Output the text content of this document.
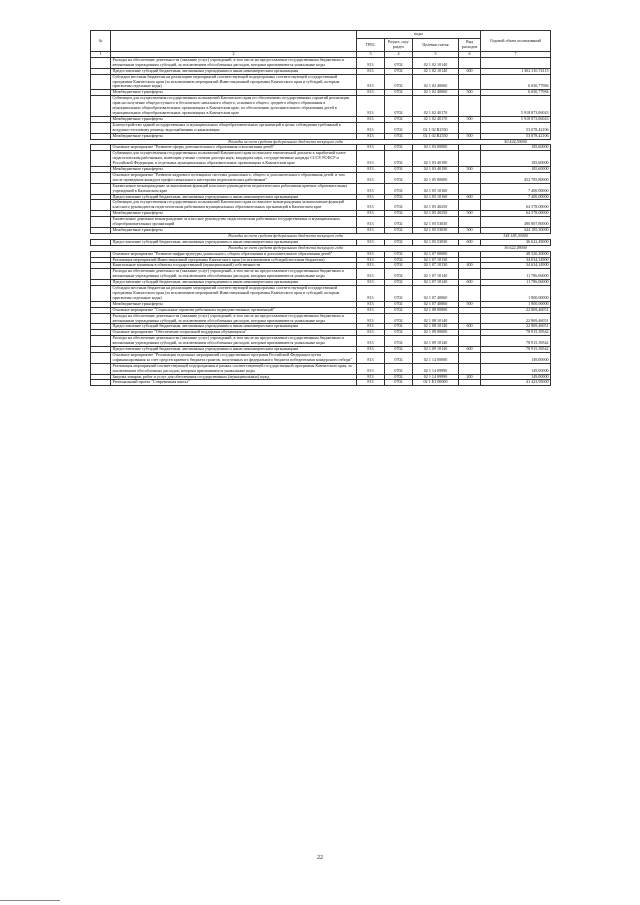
№		коды				Годовой объем ассигнований
		ГРБС	Раздел, под-раздел	Целевая статья	Вид расходов	
1	2	3	4	5	6	7
	Расходы на обеспечение деятельности (оказание услуг) учреждений, в том числе на предоставление государственным бюджетным и автономным учреждениям субсидий, за исключением обособленных расходов, которым присваиваются уникальные коды	813	0702	02 1 02 10140		
	Предоставление субсидий бюджетным, автономным учреждениям и иным некоммерческим организациям	813	0702	02 1 02 10140	600	1 302 310,74115
	Субсидии местным бюджетам на реализацию мероприятий соответствующей подпрограммы соответствующей государственной программы Камчатского края (за исключением мероприятий Инвестиционной программы Камчатского края и субсидий, которым присвоены отдельные коды)	813	0702	02 1 02 40060		6 650,77984
	Межбюджетные трансферты	813	0702	02 1 02 40060	500	6 650,77984
	Субвенции для осуществления государственных полномочий Камчатского края по обеспечению государственных гарантий реализации прав на получение общедоступного и бесплатного начального общего, основного общего, среднего общего образования в муниципальных общеобразовательных организациях в Камчатском крае, по обеспечению дополнительного образования детей в муниципальных общеобразовательных организациях в Камчатском крае	813	0702	02 1 02 40170		5 918 873,06043
	Межбюджетные трансферты	813	0702	02 1 02 40170	500	5 918 873,06043
	Благоустройство зданий государственных и муниципальных общеобразовательных организаций в целях соблюдения требований к воздушно-тепловому режиму, водоснабжению и канализации	813	0702	02 1 02 R2550		53 078,42106
	Межбюджетные трансферты	813	0702	02 1 02 R2550	500	53 078,42106
Расходы за счет средств федерального бюджета текущего года						50 424,50000
	Основное мероприятие "Развитие сферы дополнительного образования и воспитания детей"	813	0702	02 1 03 00000		185,60000
	Субвенции для осуществления государственных полномочий Камчатского края по выплате ежемесячной доплаты к заработной плате педагогическим работникам, имеющим ученые степени доктора наук, кандидата наук, государственные награды СССР, РСФСР и Российской Федерации, в отдельных муниципальных образовательных организациях в Камчатском крае	813	0702	02 1 03 40190		185,60000
	Межбюджетные трансферты	813	0702	02 1 03 40190	500	185,60000
	Основное мероприятие "Развитие кадрового потенциала системы дошкольного, общего и дополнительного образования детей, в том числе проведение конкурса профессионального мастерства педагогических работников"	813	0702	02 1 05 00000		452 785,80000
	Ежемесячное вознаграждение за выполнение функций классного руководителя педагогическим работникам краевых образовательных учреждений в Камчатском крае	813	0702	02 1 05 10160		7 400,00000
	Предоставление субсидий бюджетным, автономным учреждениям и иным некоммерческим организациям	813	0702	02 1 05 10160	600	7 400,00000
	Субвенции для осуществления государственных полномочий Камчатского края по выплате вознаграждения за выполнение функций классного руководителя педагогическим работникам муниципальных образовательных организаций в Камчатском крае	813	0702	02 1 05 40250		64 578,00000
	Межбюджетные трансферты	813	0702	02 1 05 40250	500	64 578,00000
	Ежемесячное денежное вознаграждение за классное руководство педагогическим работникам государственных и муниципальных общеобразовательных организаций	813	0702	02 1 05 53030		380 807,80000
	Межбюджетные трансферты	813	0702	02 1 05 53030	500	344 185,30000
Расходы за счет средств федерального бюджета текущего года						344 185,30000
	Предоставление субсидий бюджетным, автономным учреждениям и иным некоммерческим организациям	813	0702	02 1 05 53030	600	36 622,49000
Расходы за счет средств федерального бюджета текущего года						36 622,49000
	Основное мероприятие "Развитие инфраструктуры дошкольного, общего образования и дополнительного образования детей"	813	0702	02 1 07 00000		48 320,20000
	Реализация мероприятий Инвестиционной программы Камчатского края (за исключением субсидий местным бюджетам)	813	0702	02 1 07 10130		34 634,14900
	Капитальные вложения в объекты государственной (муниципальной) собственности	813	0702	02 1 07 10130	400	34 634,14900
	Расходы на обеспечение деятельности (оказание услуг) учреждений, в том числе на предоставление государственным бюджетным и автономным учреждениям субсидий, за исключением обособленных расходов, которым присваиваются уникальные коды	813	0702	02 1 07 10140		11 786,06000
	Предоставление субсидий бюджетным, автономным учреждениям и иным некоммерческим организациям	813	0702	02 1 07 10140	600	11 786,06000
	Субсидии местным бюджетам на реализацию мероприятий соответствующей подпрограммы соответствующей государственной программы Камчатского края (за исключением мероприятий Инвестиционной программы Камчатского края и субсидий, которым присвоены отдельные коды)	813	0702	02 1 07 40060		1 800,00000
	Межбюджетные трансферты	813	0702	02 1 07 40060	500	1 800,00000
	Основное мероприятие "Социальные гарантии работникам подведомственных организаций"	813	0702	02 1 08 00000		22 869,46051
	Расходы на обеспечение деятельности (оказание услуг) учреждений, в том числе на предоставление государственным бюджетным и автономным учреждениям субсидий, за исключением обособленных расходов, которым присваиваются уникальные коды	813	0702	02 1 08 10140		22 869,46051
	Предоставление субсидий бюджетным, автономным учреждениям и иным некоммерческим организациям	813	0702	02 1 08 10140	600	22 869,46051
	Основное мероприятие "Обеспечение социальной поддержки обучающихся"	813	0702	02 1 09 00000		78 915,39542
	Расходы на обеспечение деятельности (оказание услуг) учреждений, в том числе на предоставление государственным бюджетным и автономным учреждениям субсидий, за исключением обособленных расходов, которым присваиваются уникальные коды	813	0702	02 1 09 10140		78 915,39542
	Предоставление субсидий бюджетным, автономным учреждениям и иным некоммерческим организациям	813	0702	02 1 09 10140	600	78 915,39542
	Основное мероприятие "Реализация отдельных мероприятий государственных программ Российской Федерации путем софинансирования за счет средств краевого бюджета грантов, полученных из федерального бюджета победителями конкурсного отбора"	813	0702	02 1 14 00000		149,00000
	Реализация мероприятий соответствующей подпрограммы в рамках соответствующей государственной программы Камчатского края, за исключением обособленных расходов, которым присваиваются уникальные коды	813	0702	02 1 14 09990		149,00000
	Закупка товаров, работ и услуг для обеспечения государственных (муниципальных) нужд	813	0702	02 1 14 09990	200	149,00000
	Региональный проект "Современная школа"	813	0702	02 1 E1 00000		41 423,95000
22
